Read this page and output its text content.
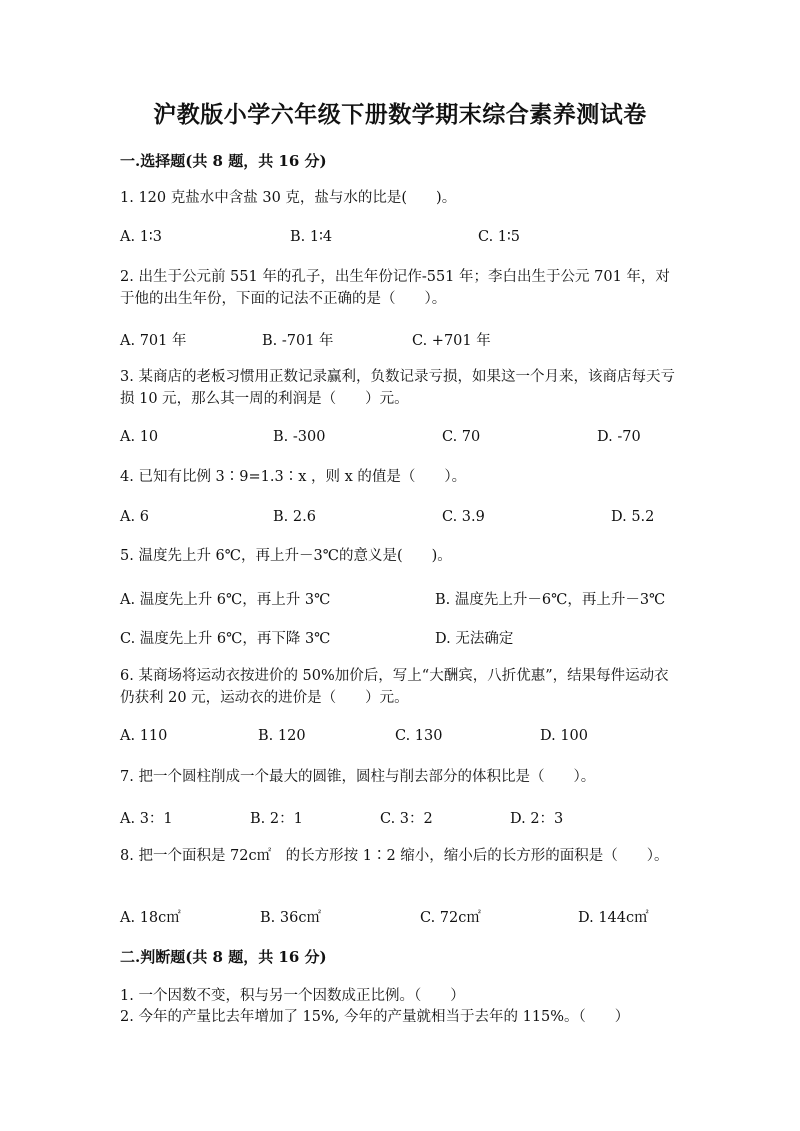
沪教版小学六年级下册数学期末综合素养测试卷
一.选择题(共 8 题，共 16 分)
1. 120 克盐水中含盐 30 克，盐与水的比是(　　)。
A. 1∶3	B. 1∶4	C. 1∶5
2. 出生于公元前 551 年的孔子，出生年份记作-551 年；李白出生于公元 701 年，对于他的出生年份，下面的记法不正确的是（　　）。
A. 701 年	B. -701 年	C. +701 年
3. 某商店的老板习惯用正数记录赢利，负数记录亏损，如果这一个月来，该商店每天亏损 10 元，那么其一周的利润是（　　）元。
A. 10	B. -300	C. 70	D. -70
4. 已知有比例 3∶9=1.3∶x ，则 x 的值是（　　）。
A. 6	B. 2.6	C. 3.9	D. 5.2
5. 温度先上升 6℃，再上升－3℃的意义是(　　)。
A. 温度先上升 6℃，再上升 3℃	B. 温度先上升－6℃，再上升－3℃
C. 温度先上升 6℃，再下降 3℃	D. 无法确定
6. 某商场将运动衣按进价的 50%加价后，写上“大酬宾，八折优惠”，结果每件运动衣仍获利 20 元，运动衣的进价是（　　）元。
A. 110	B. 120	C. 130	D. 100
7. 把一个圆柱削成一个最大的圆锥，圆柱与削去部分的体积比是（　　）。
A. 3：1	B. 2：1	C. 3：2	D. 2：3
8. 把一个面积是 72c㎡　的长方形按 1∶2 缩小，缩小后的长方形的面积是（　　）。
A. 18c㎡	B. 36c㎡	C. 72c㎡	D. 144c㎡
二.判断题(共 8 题，共 16 分)
1. 一个因数不变，积与另一个因数成正比例。（　　）
2. 今年的产量比去年增加了 15%, 今年的产量就相当于去年的 115%。（　　）
